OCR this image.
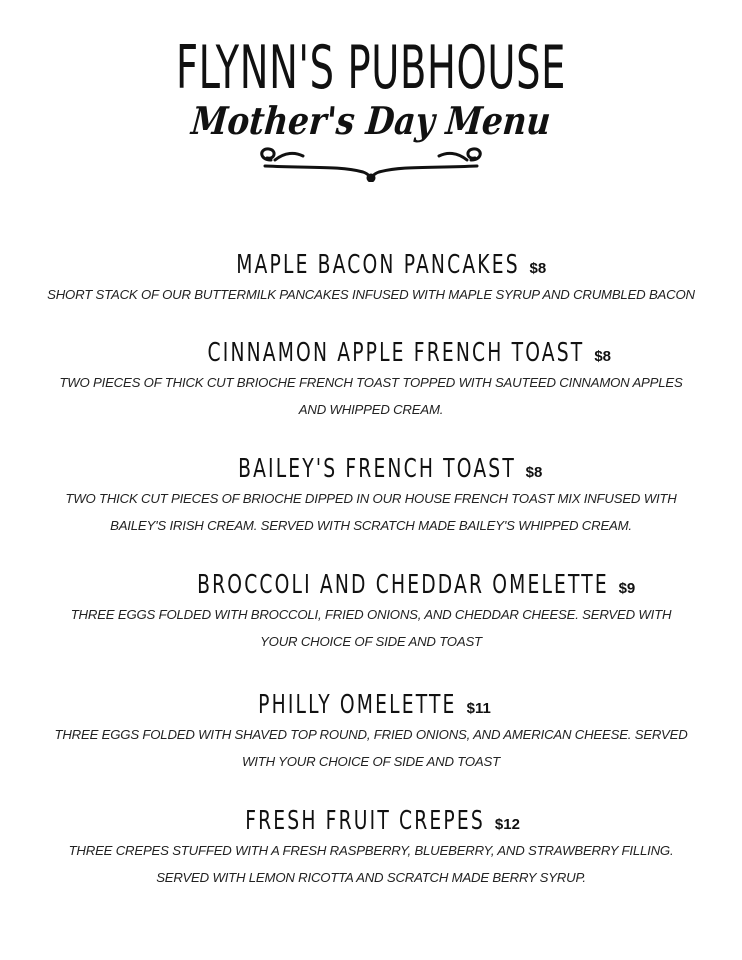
FLYNN'S PUBHOUSE
Mother's Day Menu
MAPLE BACON PANCAKES $8
SHORT STACK OF OUR BUTTERMILK PANCAKES INFUSED WITH MAPLE SYRUP AND CRUMBLED BACON
CINNAMON APPLE FRENCH TOAST $8
TWO PIECES OF THICK CUT BRIOCHE FRENCH TOAST TOPPED WITH SAUTEED CINNAMON APPLES AND WHIPPED CREAM.
BAILEY'S FRENCH TOAST $8
TWO THICK CUT PIECES OF BRIOCHE DIPPED IN OUR HOUSE FRENCH TOAST MIX INFUSED WITH BAILEY'S IRISH CREAM. SERVED WITH SCRATCH MADE BAILEY'S WHIPPED CREAM.
BROCCOLI AND CHEDDAR OMELETTE $9
THREE EGGS FOLDED WITH BROCCOLI, FRIED ONIONS, AND CHEDDAR CHEESE. SERVED WITH YOUR CHOICE OF SIDE AND TOAST
PHILLY OMELETTE $11
THREE EGGS FOLDED WITH SHAVED TOP ROUND, FRIED ONIONS, AND AMERICAN CHEESE. SERVED WITH YOUR CHOICE OF SIDE AND TOAST
FRESH FRUIT CREPES $12
THREE CREPES STUFFED WITH A FRESH RASPBERRY, BLUEBERRY, AND STRAWBERRY FILLING. SERVED WITH LEMON RICOTTA AND SCRATCH MADE BERRY SYRUP.
